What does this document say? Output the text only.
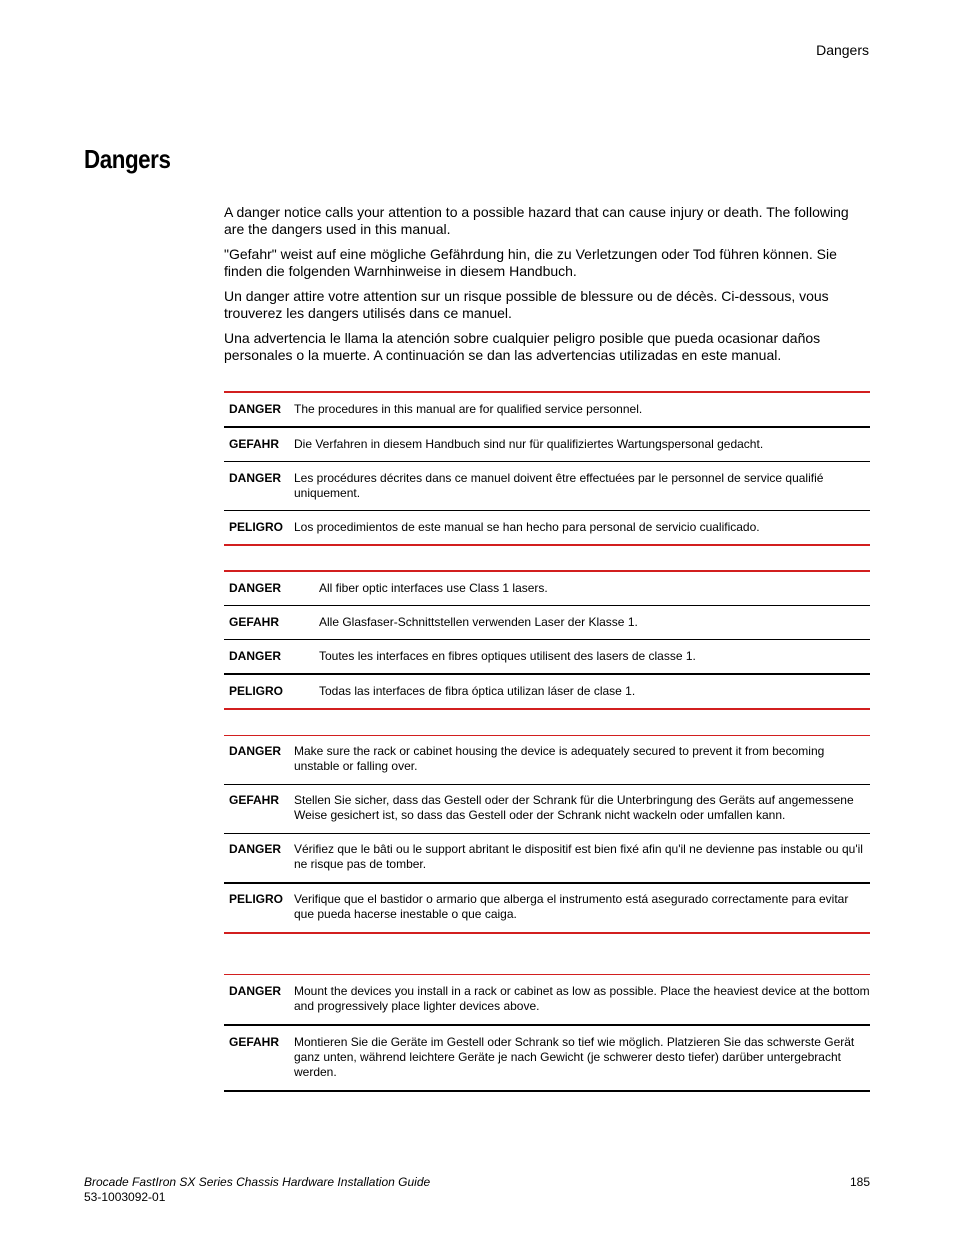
Dangers
Dangers

A danger notice calls your attention to a possible hazard that can cause injury or death. The following are the dangers used in this manual.

"Gefahr" weist auf eine mögliche Gefährdung hin, die zu Verletzungen oder Tod führen können. Sie finden die folgenden Warnhinweise in diesem Handbuch.

Un danger attire votre attention sur un risque possible de blessure ou de décès. Ci-dessous, vous trouverez les dangers utilisés dans ce manuel.

Una advertencia le llama la atención sobre cualquier peligro posible que pueda ocasionar daños personales o la muerte. A continuación se dan las advertencias utilizadas en este manual.

DANGER	The procedures in this manual are for qualified service personnel.
GEFAHR	Die Verfahren in diesem Handbuch sind nur für qualifiziertes Wartungspersonal gedacht.
DANGER	Les procédures décrites dans ce manuel doivent être effectuées par le personnel de service qualifié uniquement.
PELIGRO Los procedimientos de este manual se han hecho para personal de servicio cualificado.
DANGER	All fiber optic interfaces use Class 1 lasers.
GEFAHR	Alle Glasfaser-Schnittstellen verwenden Laser der Klasse 1.
DANGER	Toutes les interfaces en fibres optiques utilisent des lasers de classe 1.
PELIGRO	Todas las interfaces de fibra óptica utilizan láser de clase 1.
DANGER	Make sure the rack or cabinet housing the device is adequately secured to prevent it from becoming unstable or falling over.
GEFAHR	Stellen Sie sicher, dass das Gestell oder der Schrank für die Unterbringung des Geräts auf angemessene Weise gesichert ist, so dass das Gestell oder der Schrank nicht wackeln oder umfallen kann.
DANGER	Vérifiez que le bâti ou le support abritant le dispositif est bien fixé afin qu'il ne devienne pas instable ou qu'il ne risque pas de tomber.
PELIGRO Verifique que el bastidor o armario que alberga el instrumento está asegurado correctamente para evitar que pueda hacerse inestable o que caiga.
DANGER	Mount the devices you install in a rack or cabinet as low as possible. Place the heaviest device at the bottom and progressively place lighter devices above.
GEFAHR	Montieren Sie die Geräte im Gestell oder Schrank so tief wie möglich. Platzieren Sie das schwerste Gerät ganz unten, während leichtere Geräte je nach Gewicht (je schwerer desto tiefer) darüber untergebracht werden.
Brocade FastIron SX Series Chassis Hardware Installation Guide
53-1003092-01
185
